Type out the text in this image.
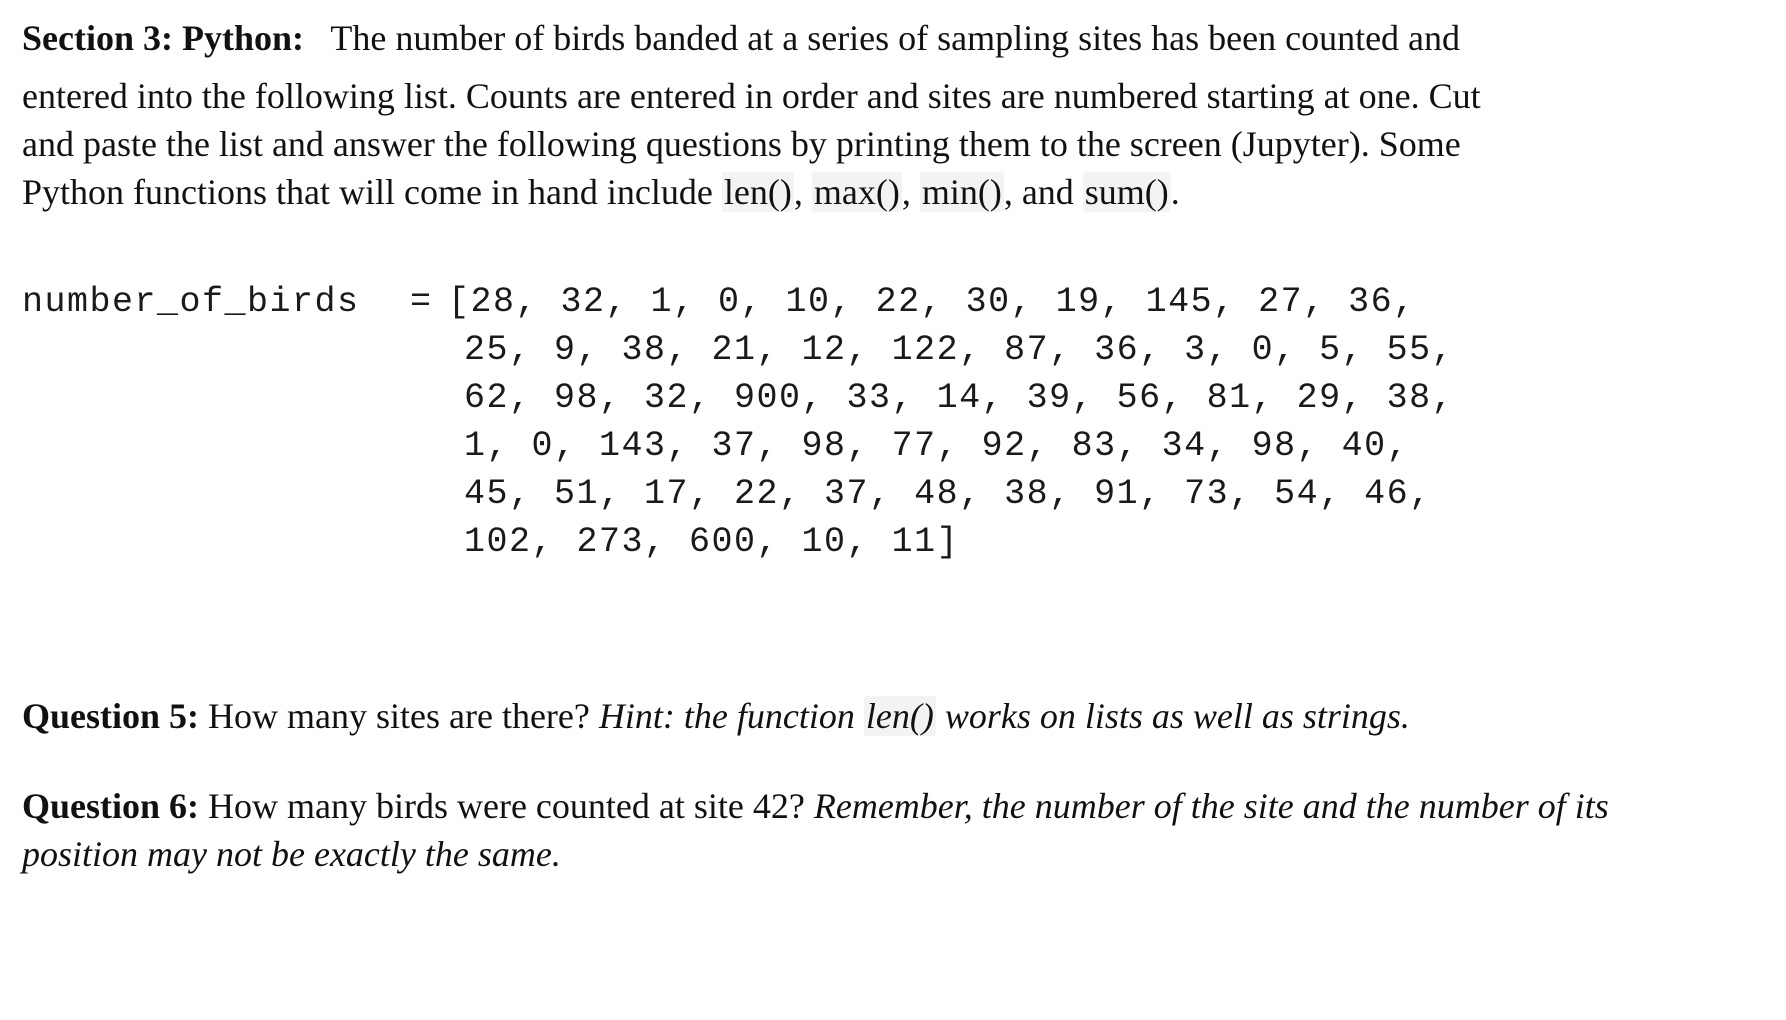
Section 3: Python: The number of birds banded at a series of sampling sites has been counted and
entered into the following list. Counts are entered in order and sites are numbered starting at one. Cut
and paste the list and answer the following questions by printing them to the screen (Jupyter). Some
Python functions that will come in hand include len(), max(), min(), and sum().

number_of_birds = [28, 32, 1, 0, 10, 22, 30, 19, 145, 27, 36,
25, 9, 38, 21, 12, 122, 87, 36, 3, 0, 5, 55,
62, 98, 32, 900, 33, 14, 39, 56, 81, 29, 38,
1, 0, 143, 37, 98, 77, 92, 83, 34, 98, 40,
45, 51, 17, 22, 37, 48, 38, 91, 73, 54, 46,
102, 273, 600, 10, 11]
Question 5: How many sites are there? Hint: the function len() works on lists as well as strings.
Question 6: How many birds were counted at site 42? Remember, the number of the site and the number of its
position may not be exactly the same.
